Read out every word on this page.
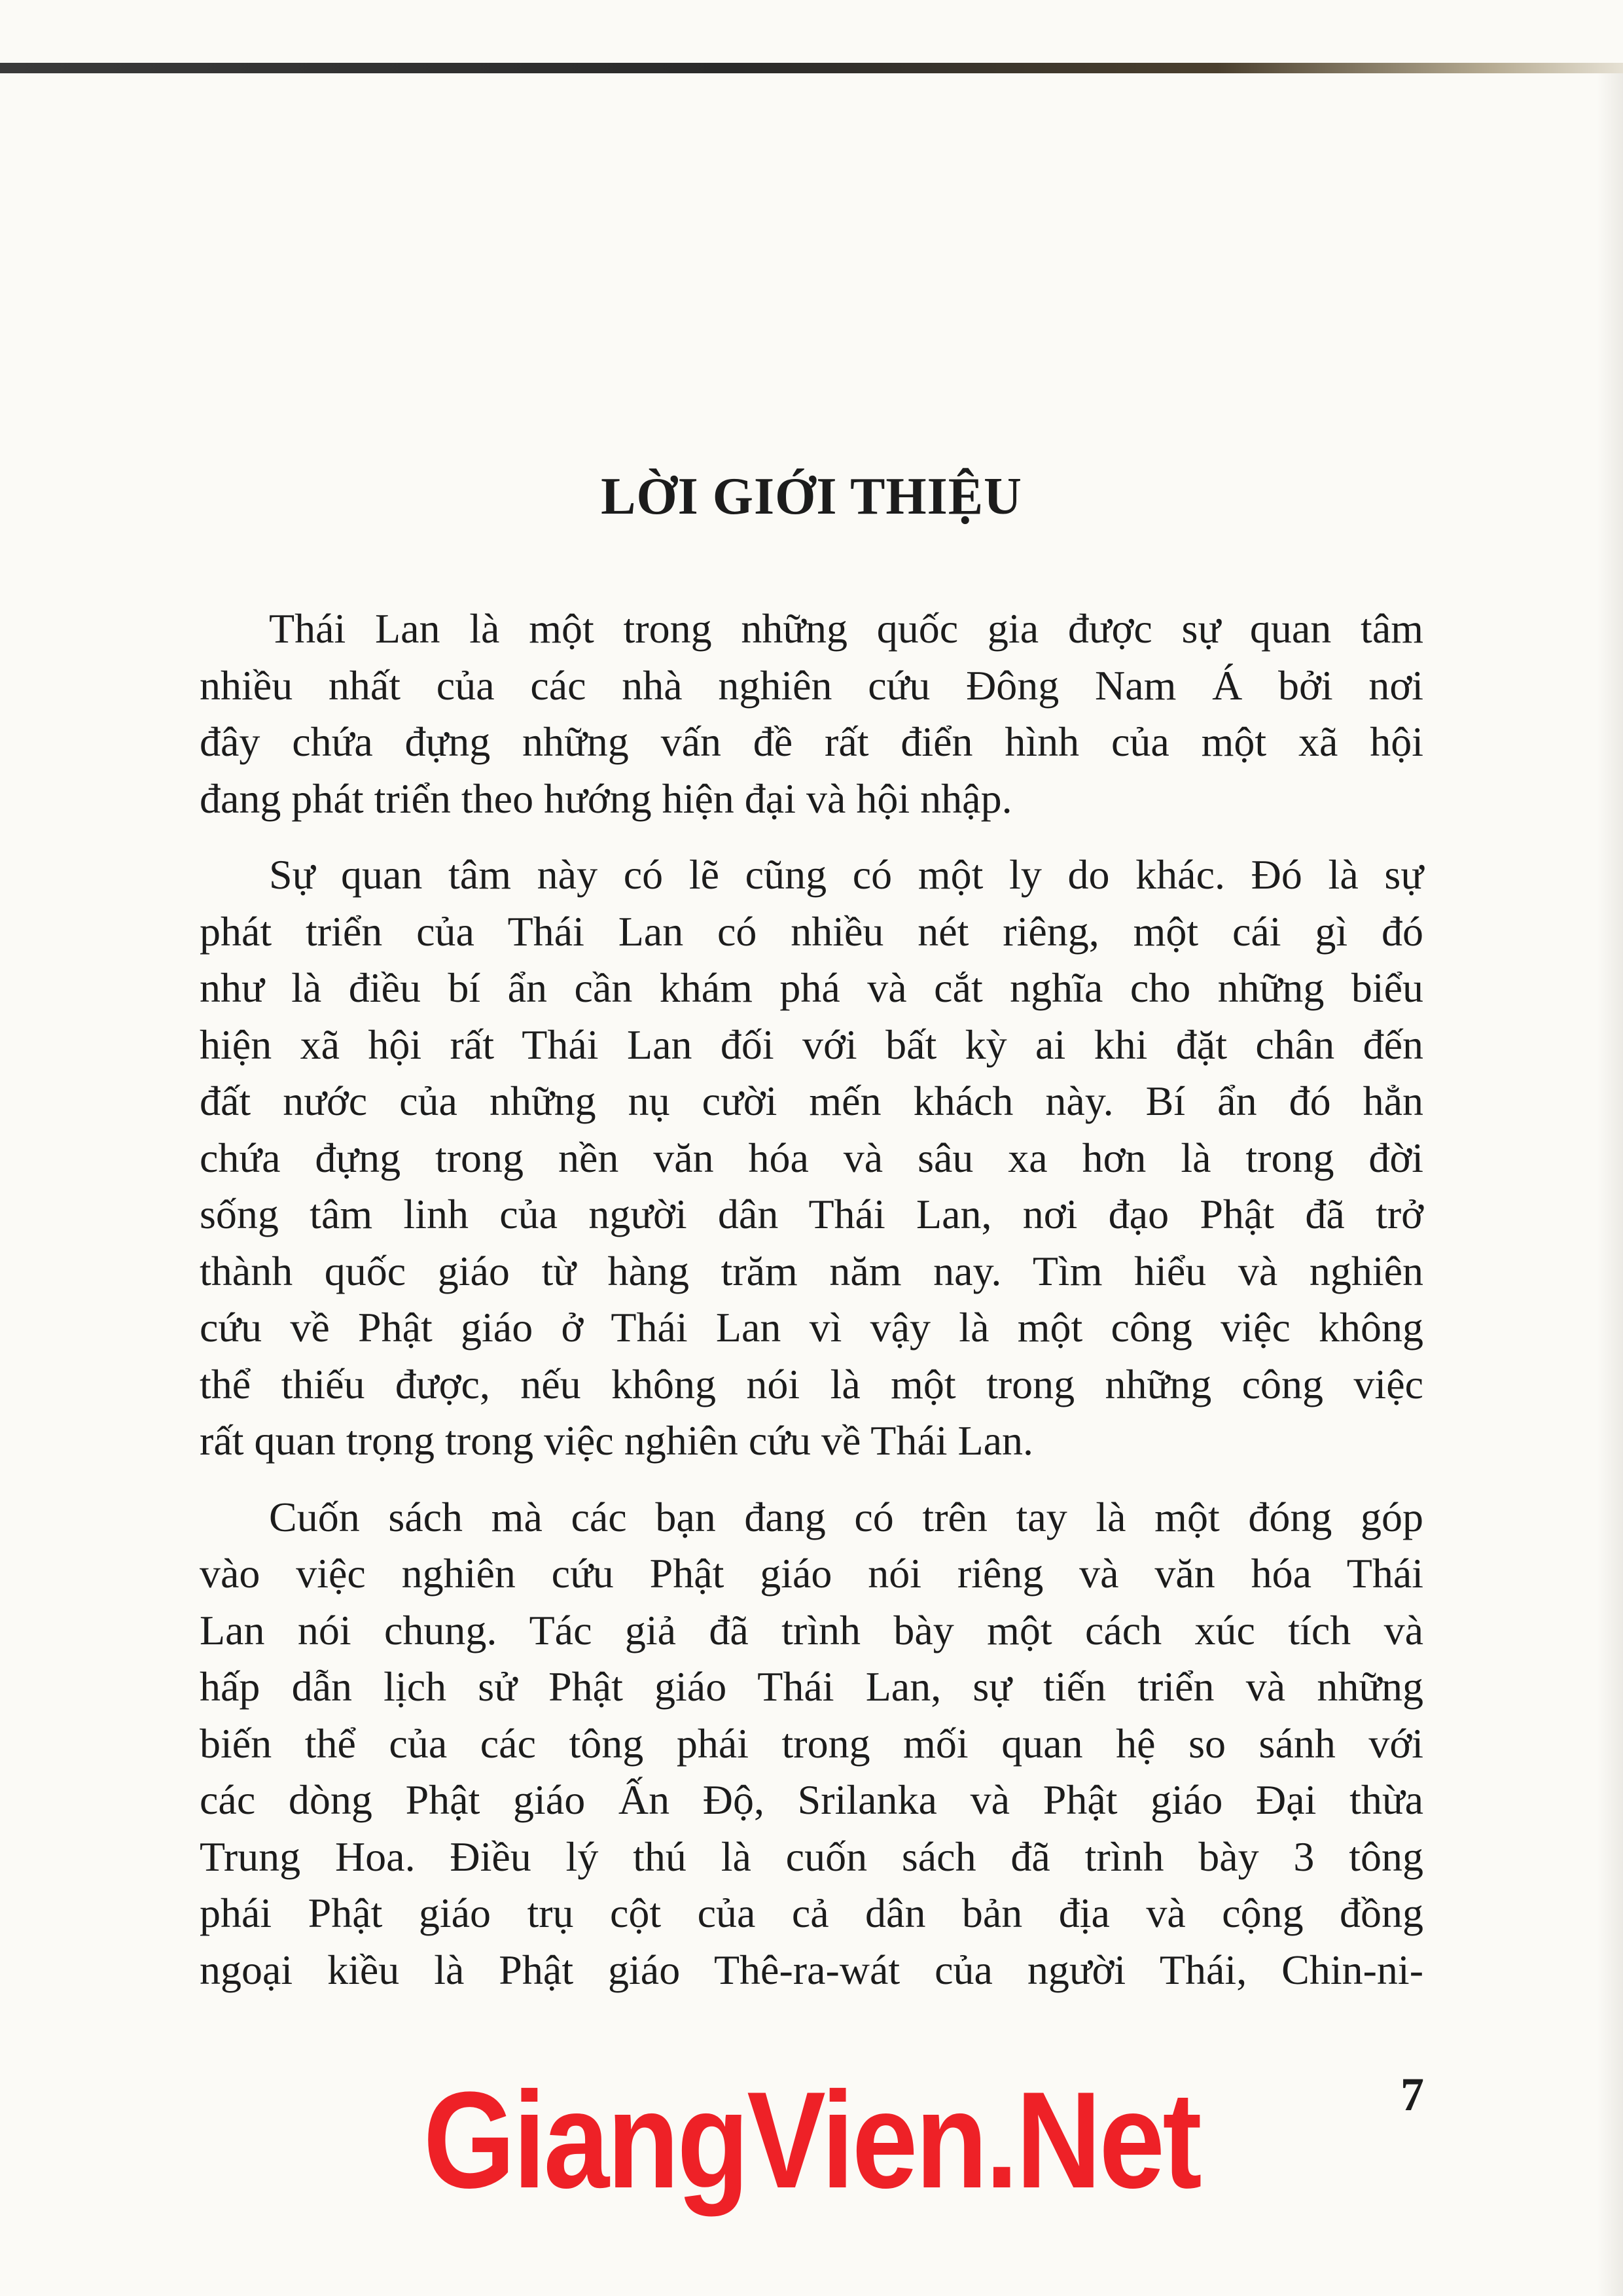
LỜI GIỚI THIỆU

Thái Lan là một trong những quốc gia được sự quan tâm
nhiều nhất của các nhà nghiên cứu Đông Nam Á bởi nơi
đây chứa đựng những vấn đề rất điển hình của một xã hội
đang phát triển theo hướng hiện đại và hội nhập.

Sự quan tâm này có lẽ cũng có một ly do khác. Đó là sự
phát triển của Thái Lan có nhiều nét riêng, một cái gì đó
như là điều bí ẩn cần khám phá và cắt nghĩa cho những biểu
hiện xã hội rất Thái Lan đối với bất kỳ ai khi đặt chân đến
đất nước của những nụ cười mến khách này. Bí ẩn đó hẳn
chứa đựng trong nền văn hóa và sâu xa hơn là trong đời
sống tâm linh của người dân Thái Lan, nơi đạo Phật đã trở
thành quốc giáo từ hàng trăm năm nay. Tìm hiểu và nghiên
cứu về Phật giáo ở Thái Lan vì vậy là một công việc không
thể thiếu được, nếu không nói là một trong những công việc
rất quan trọng trong việc nghiên cứu về Thái Lan.

Cuốn sách mà các bạn đang có trên tay là một đóng góp
vào việc nghiên cứu Phật giáo nói riêng và văn hóa Thái
Lan nói chung. Tác giả đã trình bày một cách xúc tích và
hấp dẫn lịch sử Phật giáo Thái Lan, sự tiến triển và những
biến thể của các tông phái trong mối quan hệ so sánh với
các dòng Phật giáo Ấn Độ, Srilanka và Phật giáo Đại thừa
Trung Hoa. Điều lý thú là cuốn sách đã trình bày 3 tông
phái Phật giáo trụ cột của cả dân bản địa và cộng đồng
ngoại kiều là Phật giáo Thê-ra-wát của người Thái, Chin-ni-

7
GiangVien.Net
